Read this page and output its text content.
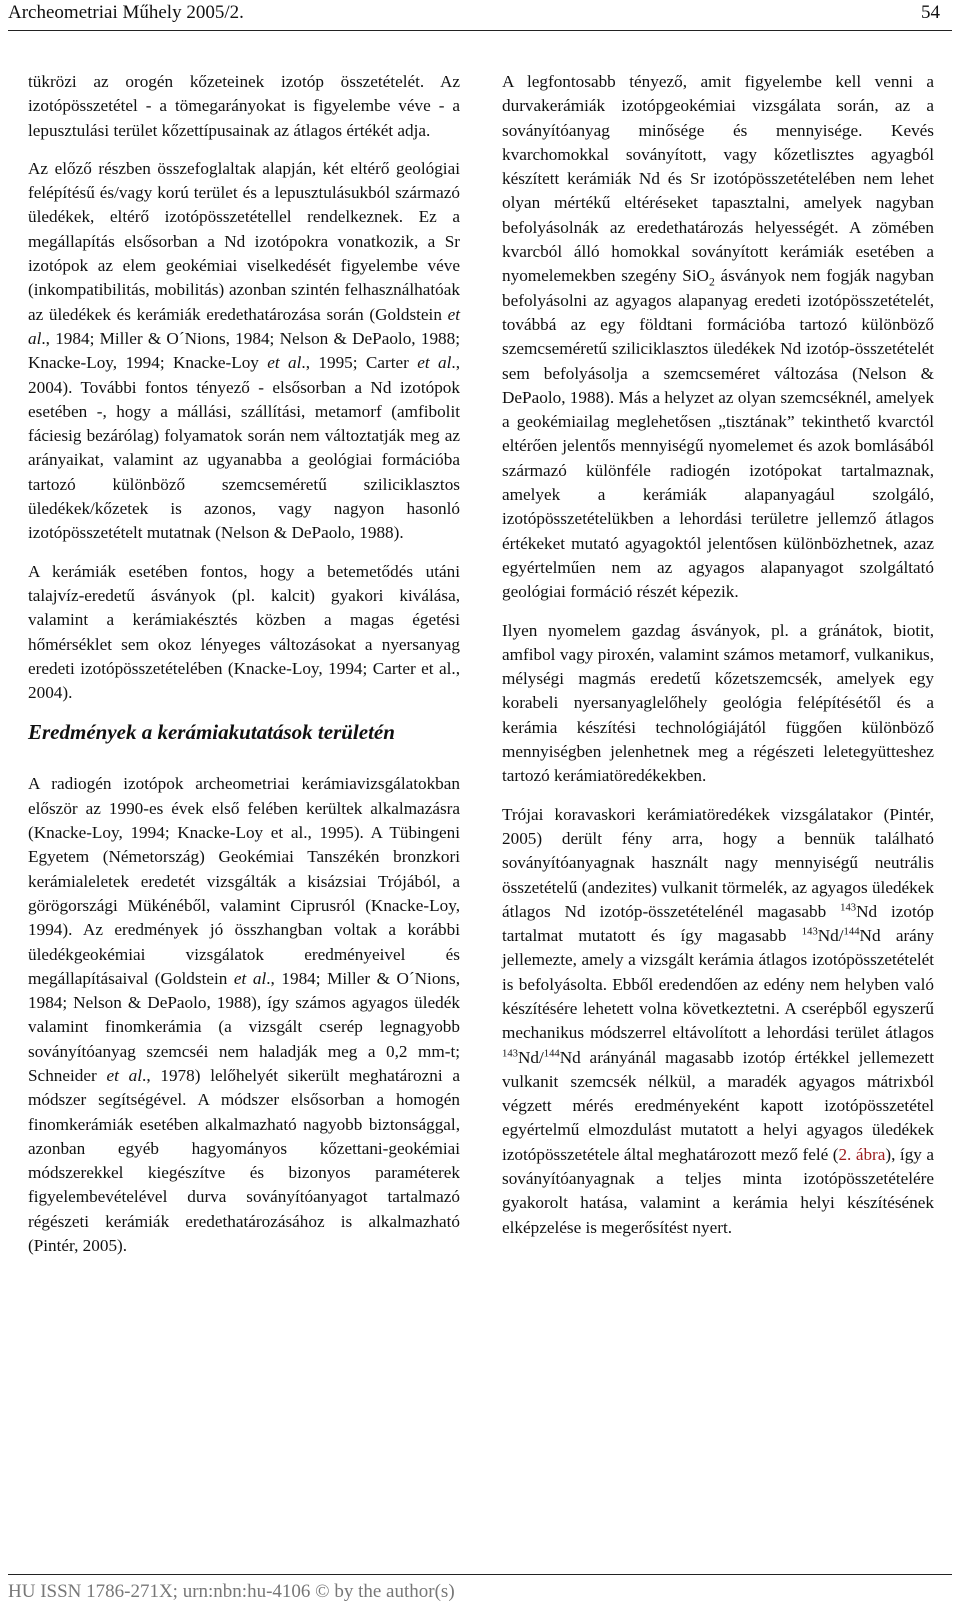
Archeometriai Műhely 2005/2.	54

tükrözi az orogén kőzeteinek izotóp összetételét. Az izotópösszetétel - a tömegarányokat is figyelembe véve - a lepusztulási terület kőzettípusainak az átlagos értékét adja.

Az előző részben összefoglaltak alapján, két eltérő geológiai felépítésű és/vagy korú terület és a lepusztulásukból származó üledékek, eltérő izotópösszetétellel rendelkeznek. Ez a megállapítás elsősorban a Nd izotópokra vonatkozik, a Sr izotópok az elem geokémiai viselkedését figyelembe véve (inkompatibilitás, mobilitás) azonban szintén felhasználhatóak az üledékek és kerámiák eredethatározása során (Goldstein et al., 1984; Miller & O´Nions, 1984; Nelson & DePaolo, 1988; Knacke-Loy, 1994; Knacke-Loy et al., 1995; Carter et al., 2004). További fontos tényező - elsősorban a Nd izotópok esetében -, hogy a mállási, szállítási, metamorf (amfibolit fáciesig bezárólag) folyamatok során nem változtatják meg az arányaikat, valamint az ugyanabba a geológiai formációba tartozó különböző szemcseméretű sziliciklasztos üledékek/kőzetek is azonos, vagy nagyon hasonló izotópösszetételt mutatnak (Nelson & DePaolo, 1988).

A kerámiák esetében fontos, hogy a betemetődés utáni talajvíz-eredetű ásványok (pl. kalcit) gyakori kiválása, valamint a kerámiakésztés közben a magas égetési hőmérséklet sem okoz lényeges változásokat a nyersanyag eredeti izotópösszetételében (Knacke-Loy, 1994; Carter et al., 2004).

Eredmények a kerámiakutatások területén

A radiogén izotópok archeometriai kerámiavizsgálatokban először az 1990-es évek első felében kerültek alkalmazásra (Knacke-Loy, 1994; Knacke-Loy et al., 1995). A Tübingeni Egyetem (Németország) Geokémiai Tanszékén bronzkori kerámialeletek eredetét vizsgálták a kisázsiai Trójából, a görögországi Mükénéből, valamint Ciprusról (Knacke-Loy, 1994). Az eredmények jó összhangban voltak a korábbi üledékgeokémiai vizsgálatok eredményeivel és megállapításaival (Goldstein et al., 1984; Miller & O´Nions, 1984; Nelson & DePaolo, 1988), így számos agyagos üledék valamint finomkerámia (a vizsgált cserép legnagyobb soványítóanyag szemcséi nem haladják meg a 0,2 mm-t; Schneider et al., 1978) lelőhelyét sikerült meghatározni a módszer segítségével. A módszer elsősorban a homogén finomkerámiák esetében alkalmazható nagyobb biztonsággal, azonban egyéb hagyományos kőzettani-geokémiai módszerekkel kiegészítve és bizonyos paraméterek figyelembevételével durva soványítóanyagot tartalmazó régészeti kerámiák eredethatározásához is alkalmazható (Pintér, 2005).

A legfontosabb tényező, amit figyelembe kell venni a durvakerámiák izotópgeokémiai vizsgálata során, az a soványítóanyag minősége és mennyisége. Kevés kvarchomokkal soványított, vagy kőzetlisztes agyagból készített kerámiák Nd és Sr izotópösszetételében nem lehet olyan mértékű eltéréseket tapasztalni, amelyek nagyban befolyásolnák az eredethatározás helyességét. A zömében kvarcból álló homokkal soványított kerámiák esetében a nyomelemekben szegény SiO$_2$ ásványok nem fogják nagyban befolyásolni az agyagos alapanyag eredeti izotópösszetételét, továbbá az egy földtani formációba tartozó különböző szemcseméretű sziliciklasztos üledékek Nd izotóp-összetételét sem befolyásolja a szemcseméret változása (Nelson & DePaolo, 1988). Más a helyzet az olyan szemcséknél, amelyek a geokémiailag meglehetősen „tisztának” tekinthető kvarctól eltérően jelentős mennyiségű nyomelemet és azok bomlásából származó különféle radiogén izotópokat tartalmaznak, amelyek a kerámiák alapanyagául szolgáló, izotópösszetételükben a lehordási területre jellemző átlagos értékeket mutató agyagoktól jelentősen különbözhetnek, azaz egyértelműen nem az agyagos alapanyagot szolgáltató geológiai formáció részét képezik.

Ilyen nyomelem gazdag ásványok, pl. a gránátok, biotit, amfibol vagy piroxén, valamint számos metamorf, vulkanikus, mélységi magmás eredetű kőzetszemcsék, amelyek egy korabeli nyersanyaglelőhely geológia felépítésétől és a kerámia készítési technológiájától függően különböző mennyiségben jelenhetnek meg a régészeti leletegyütteshez tartozó kerámiatöredékekben.

Trójai koravaskori kerámiatöredékek vizsgálatakor (Pintér, 2005) derült fény arra, hogy a bennük található soványítóanyagnak használt nagy mennyiségű neutrális összetételű (andezites) vulkanit törmelék, az agyagos üledékek átlagos Nd izotóp-összetételénél magasabb $^{143}$Nd izotóp tartalmat mutatott és így magasabb $^{143}$Nd/$^{144}$Nd arány jellemezte, amely a vizsgált kerámia átlagos izotópösszetételét is befolyásolta. Ebből eredendően az edény nem helyben való készítésére lehetett volna következtetni. A cserépből egyszerű mechanikus módszerrel eltávolított a lehordási terület átlagos $^{143}$Nd/$^{144}$Nd arányánál magasabb izotóp értékkel jellemezett vulkanit szemcsék nélkül, a maradék agyagos mátrixból végzett mérés eredményeként kapott izotópösszetétel egyértelmű elmozdulást mutatott a helyi agyagos üledékek izotópösszetétele által meghatározott mező felé (2. ábra), így a soványítóanyagnak a teljes minta izotópösszetételére gyakorolt hatása, valamint a kerámia helyi készítésének elképzelése is megerősítést nyert.

HU ISSN 1786-271X; urn:nbn:hu-4106 © by the author(s)
